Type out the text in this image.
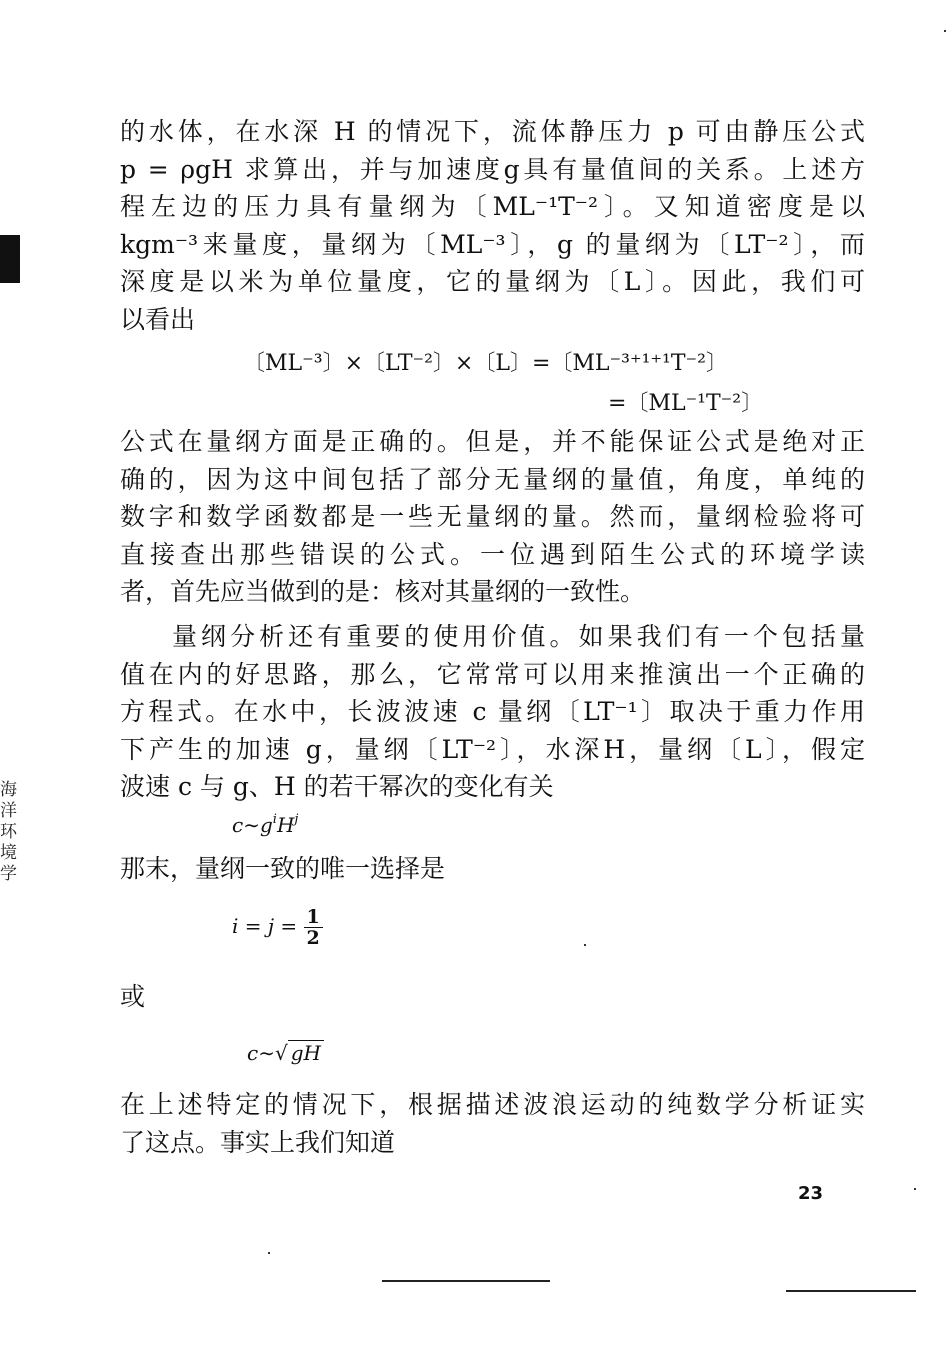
海洋环境学
的水体，在水深 H 的情况下，流体静压力 p 可由静压公式
p = ρgH 求算出，并与加速度g具有量值间的关系。上述方
程左边的压力具有量纲为〔ML⁻¹T⁻²〕。又知道密度是以
kgm⁻³来量度，量纲为〔ML⁻³〕，g 的量纲为〔LT⁻²〕，而
深度是以米为单位量度，它的量纲为〔L〕。因此，我们可
以看出
〔ML⁻³〕×〔LT⁻²〕×〔L〕=〔ML⁻³⁺¹⁺¹T⁻²〕
=〔ML⁻¹T⁻²〕
公式在量纲方面是正确的。但是，并不能保证公式是绝对正
确的，因为这中间包括了部分无量纲的量值，角度，单纯的
数字和数学函数都是一些无量纲的量。然而，量纲检验将可
直接查出那些错误的公式。一位遇到陌生公式的环境学读
者，首先应当做到的是：核对其量纲的一致性。
量纲分析还有重要的使用价值。如果我们有一个包括量
值在内的好思路，那么，它常常可以用来推演出一个正确的
方程式。在水中，长波波速 c 量纲〔LT⁻¹〕取决于重力作用
下产生的加速 g，量纲〔LT⁻²〕，水深H，量纲〔L〕，假定
波速 c 与 g、H 的若干幂次的变化有关
$c\sim g^iH^j$
那末，量纲一致的唯一选择是
$i = j = \frac{1}{2}$
或
c∼√ gH
在上述特定的情况下，根据描述波浪运动的纯数学分析证实
了这点。事实上我们知道
23
